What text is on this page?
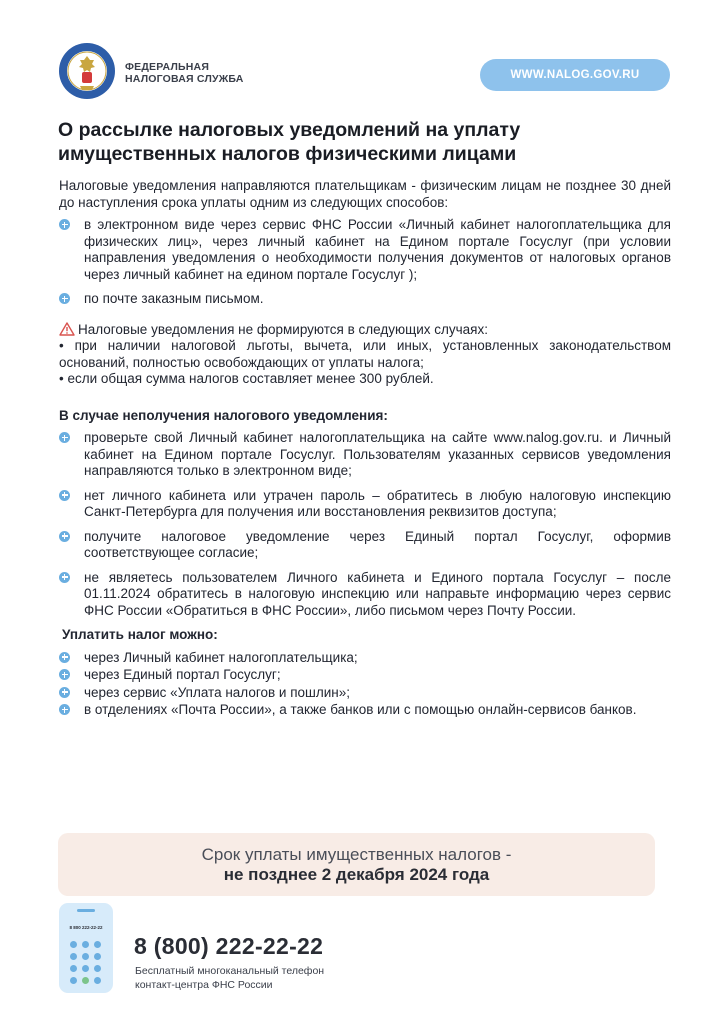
ФЕДЕРАЛЬНАЯ
НАЛОГОВАЯ СЛУЖБА	WWW.NALOG.GOV.RU
О рассылке налоговых уведомлений на уплату
имущественных налогов физическими лицами

Налоговые уведомления направляются плательщикам - физическим лицам не позднее 30 дней до наступления срока уплаты одним из следующих способов:

в электронном виде через сервис ФНС России «Личный кабинет налогоплательщика для физических лиц», через личный кабинет на Едином портале Госуслуг (при условии направления уведомления о необходимости получения документов от налоговых органов через личный кабинет на едином портале Госуслуг );
по почте заказным письмом.

Налоговые уведомления не формируются в следующих случаях:

• при наличии налоговой льготы, вычета, или иных, установленных законодательством оснований, полностью освобождающих от уплаты налога;

• если общая сумма налогов составляет менее 300 рублей.

В случае неполучения налогового уведомления:

проверьте свой Личный кабинет налогоплательщика на сайте www.nalog.gov.ru. и Личный кабинет на Едином портале Госуслуг. Пользователям указанных сервисов уведомления направляются только в электронном виде;
нет личного кабинета или утрачен пароль – обратитесь в любую налоговую инспекцию Санкт-Петербурга для получения или восстановления реквизитов доступа;
получите налоговое уведомление через Единый портал Госуслуг, оформив соответствующее согласие;
не являетесь пользователем Личного кабинета и Единого портала Госуслуг – после 01.11.2024 обратитесь в налоговую инспекцию или направьте информацию через сервис ФНС России «Обратиться в ФНС России», либо письмом через Почту России.

Уплатить налог можно:

через Личный кабинет налогоплательщика;
через Единый портал Госуслуг;
через сервис «Уплата налогов и пошлин»;
в отделениях «Почта России», а также банков или с помощью онлайн-сервисов банков.
Срок уплаты имущественных налогов -
не позднее 2 декабря 2024 года
8 800 222-22-22
8 (800) 222-22-22
Бесплатный многоканальный телефон
контакт-центра ФНС России
